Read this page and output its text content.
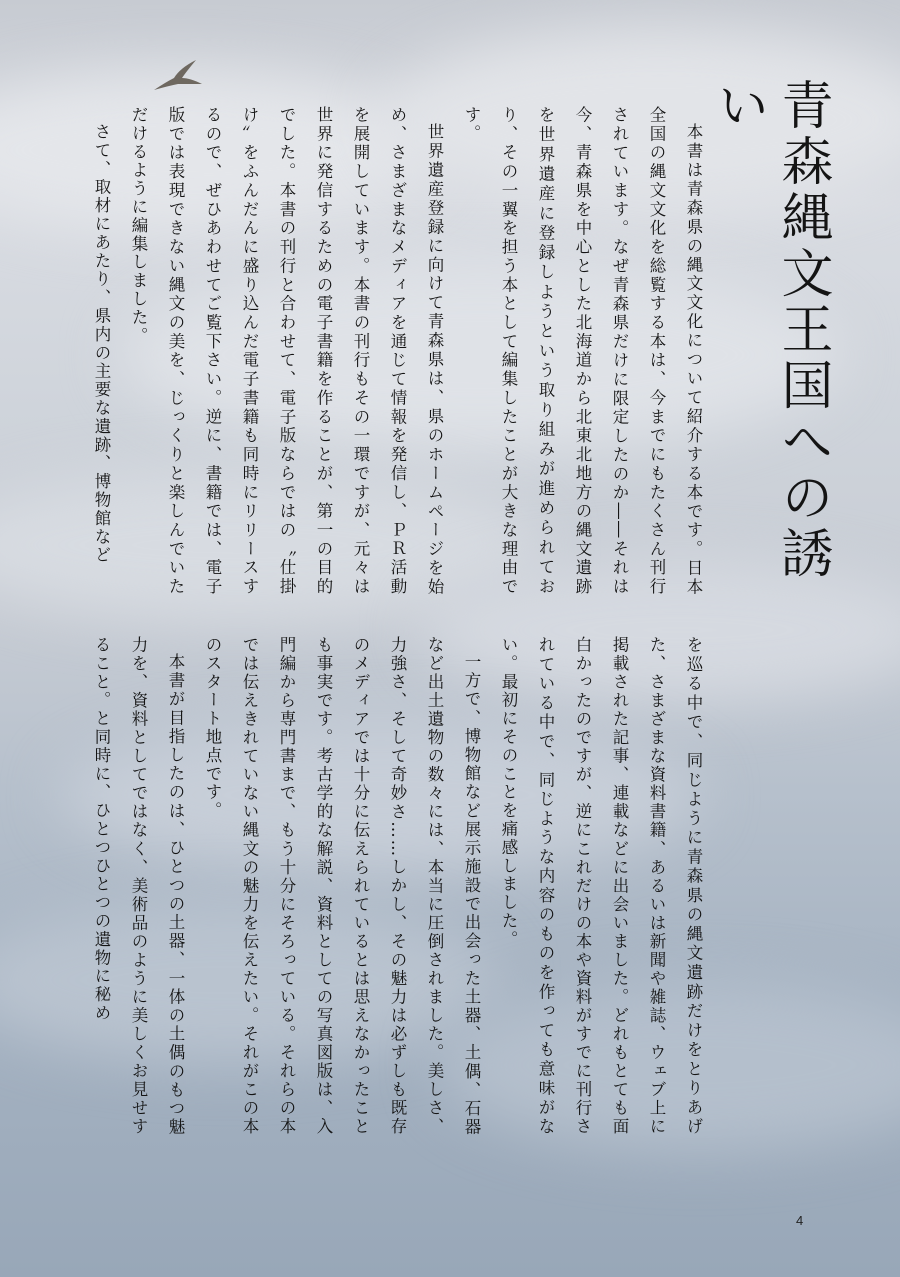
青森縄文王国への誘い

本書は青森県の縄文文化について紹介する本です。日本全国の縄文文化を総覧する本は、今までにもたくさん刊行されています。なぜ青森県だけに限定したのか――それは今、青森県を中心とした北海道から北東北地方の縄文遺跡を世界遺産に登録しようという取り組みが進められており、その一翼を担う本として編集したことが大きな理由です。

世界遺産登録に向けて青森県は、県のホームページを始め、さまざまなメディアを通じて情報を発信し、ＰＲ活動を展開しています。本書の刊行もその一環ですが、元々は世界に発信するための電子書籍を作ることが、第一の目的でした。本書の刊行と合わせて、電子版ならではの〝仕掛け〟をふんだんに盛り込んだ電子書籍も同時にリリースするので、ぜひあわせてご覧下さい。逆に、書籍では、電子版では表現できない縄文の美を、じっくりと楽しんでいただけるように編集しました。

さて、取材にあたり、県内の主要な遺跡、博物館など

を巡る中で、同じように青森県の縄文遺跡だけをとりあげた、さまざまな資料書籍、あるいは新聞や雑誌、ウェブ上に掲載された記事、連載などに出会いました。どれもとても面白かったのですが、逆にこれだけの本や資料がすでに刊行されている中で、同じような内容のものを作っても意味がない。最初にそのことを痛感しました。

一方で、博物館など展示施設で出会った土器、土偶、石器など出土遺物の数々には、本当に圧倒されました。美しさ、力強さ、そして奇妙さ……しかし、その魅力は必ずしも既存のメディアでは十分に伝えられているとは思えなかったことも事実です。考古学的な解説、資料としての写真図版は、入門編から専門書まで、もう十分にそろっている。それらの本では伝えきれていない縄文の魅力を伝えたい。それがこの本のスタート地点です。

本書が目指したのは、ひとつの土器、一体の土偶のもつ魅力を、資料としてではなく、美術品のように美しくお見せすること。と同時に、ひとつひとつの遺物に秘め

4
